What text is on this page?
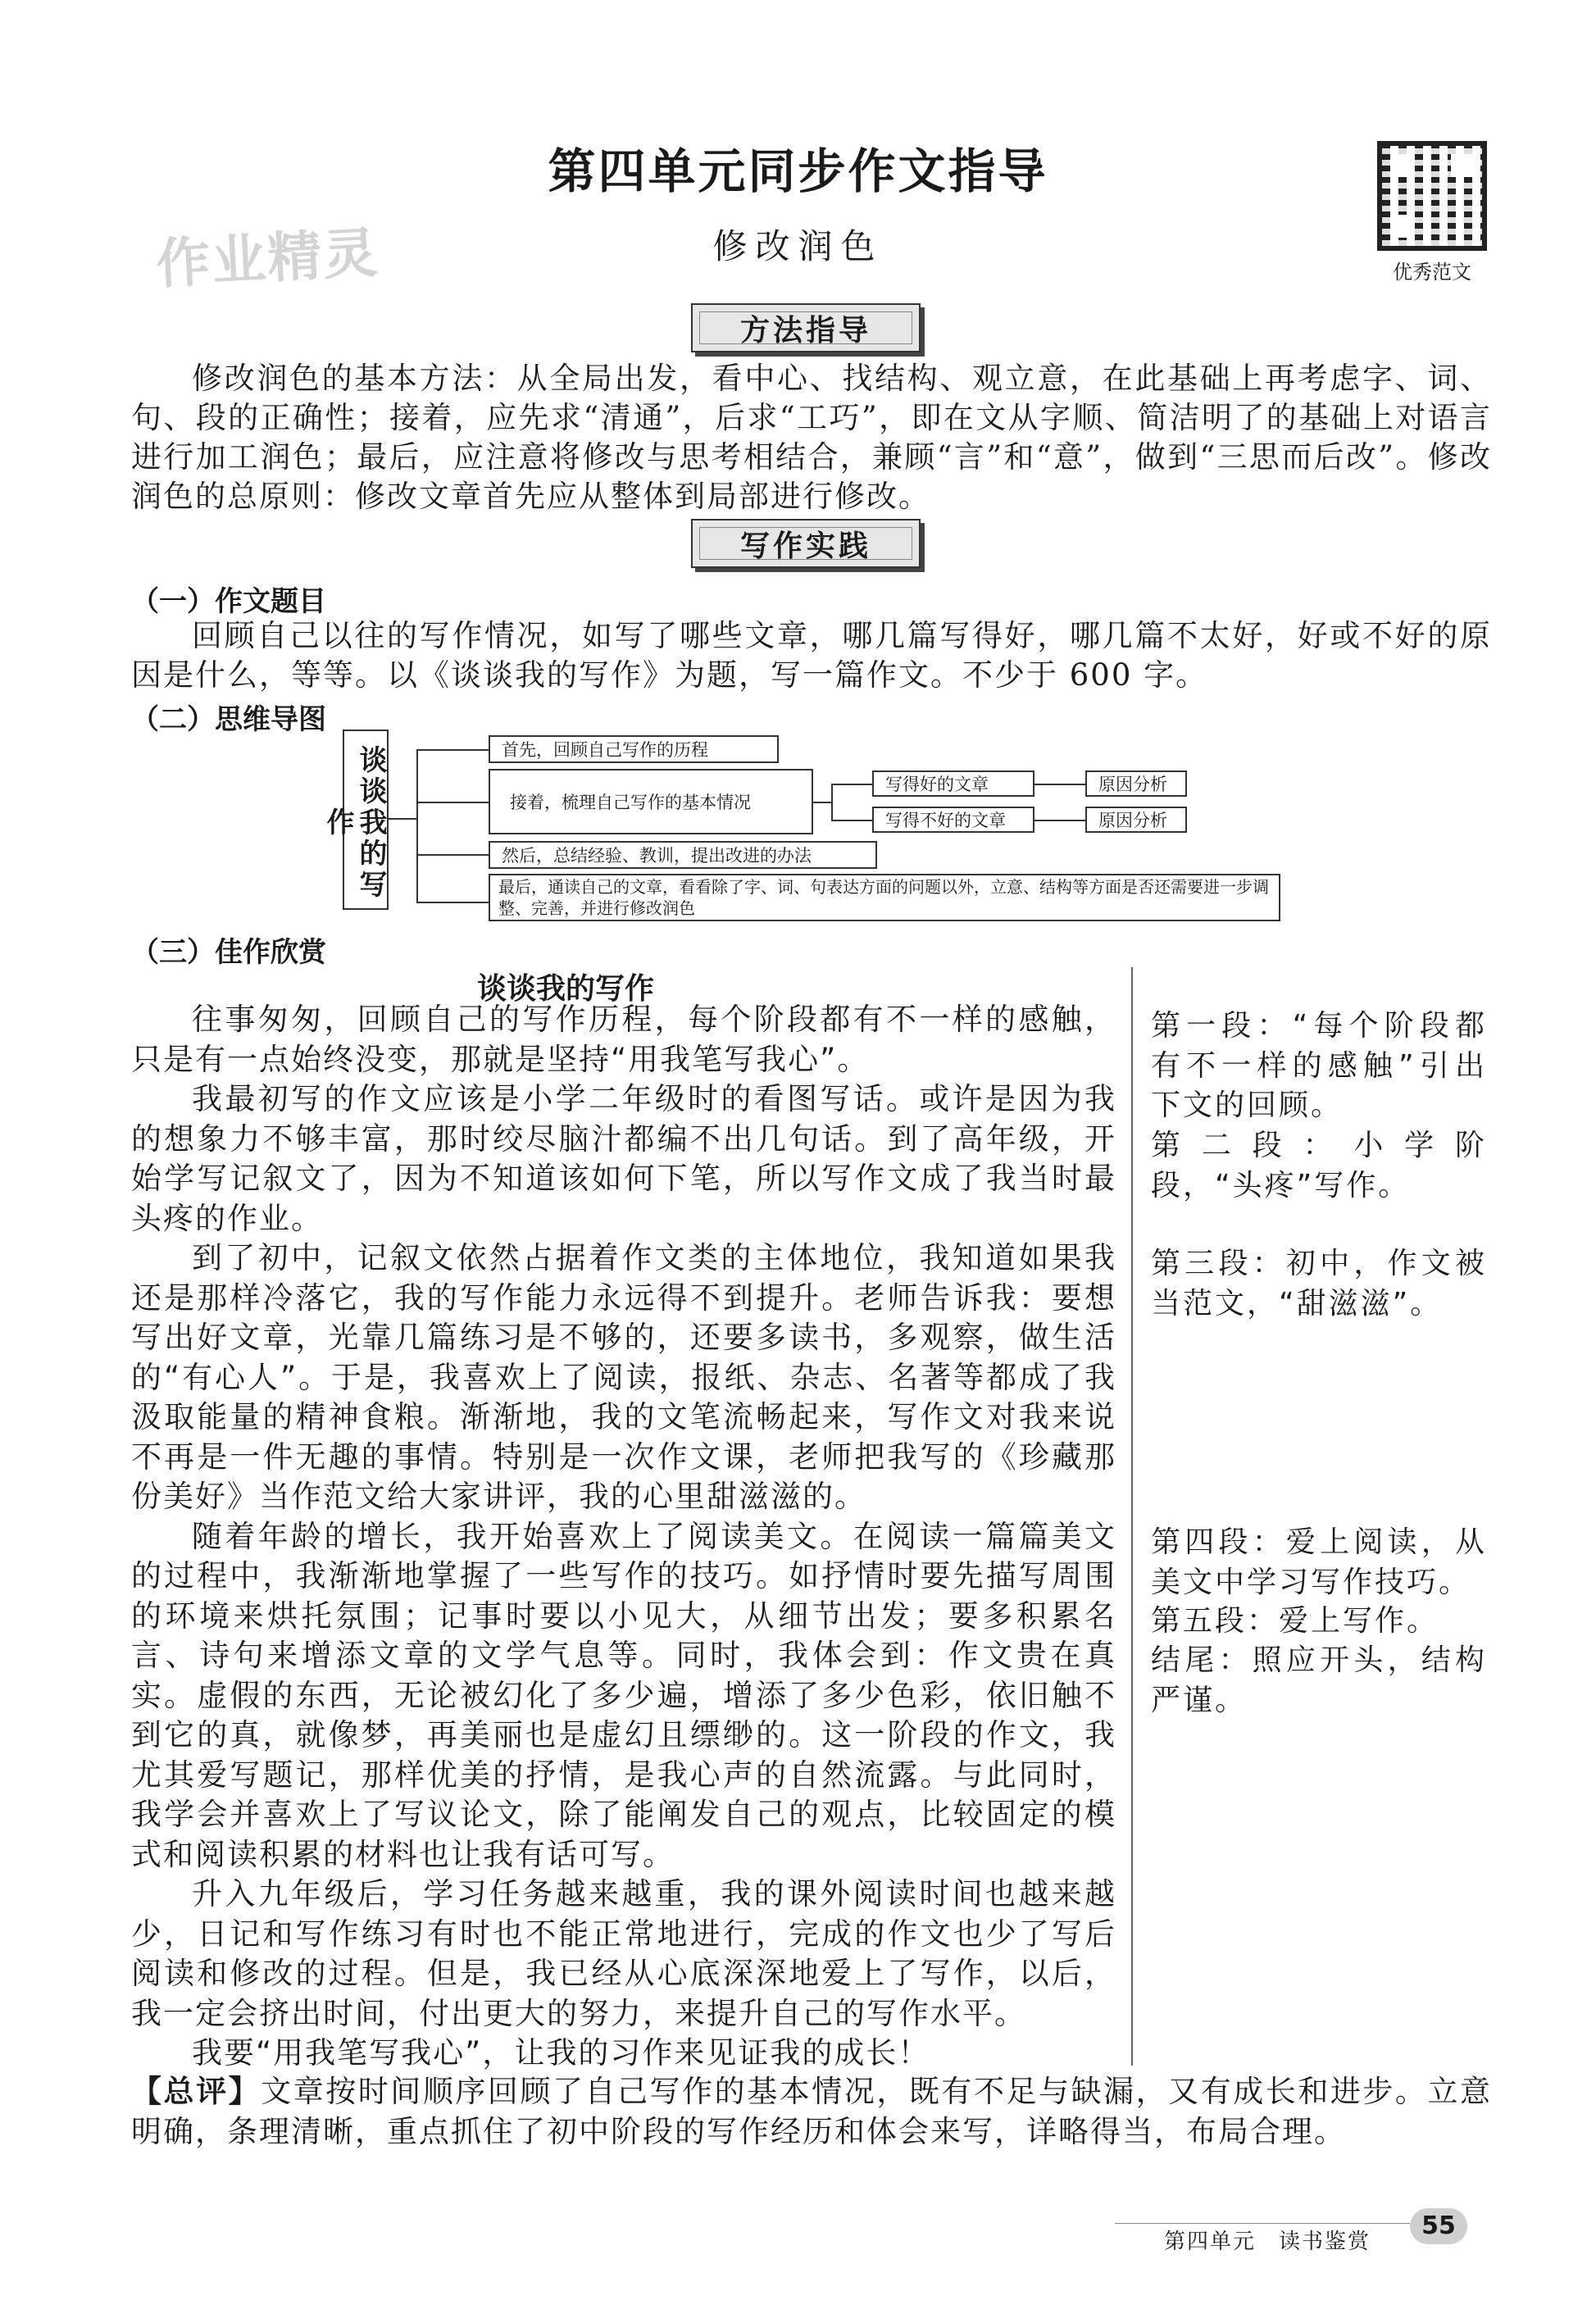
作业精灵
第四单元同步作文指导
修改润色
优秀范文
方法指导
修改润色的基本方法：从全局出发，看中心、找结构、观立意，在此基础上再考虑字、词、句、段的正确性；接着，应先求“清通”，后求“工巧”，即在文从字顺、简洁明了的基础上对语言进行加工润色；最后，应注意将修改与思考相结合，兼顾“言”和“意”，做到“三思而后改”。修改润色的总原则：修改文章首先应从整体到局部进行修改。
写作实践
（一）作文题目
回顾自己以往的写作情况，如写了哪些文章，哪几篇写得好，哪几篇不太好，好或不好的原因是什么，等等。以《谈谈我的写作》为题，写一篇作文。不少于 600 字。
（二）思维导图
谈谈我的写作
首先，回顾自己写作的历程
接着，梳理自己写作的基本情况
写得好的文章
写得不好的文章
原因分析
原因分析
然后，总结经验、教训，提出改进的办法
最后，通读自己的文章，看看除了字、词、句表达方面的问题以外，立意、结构等方面是否还需要进一步调整、完善，并进行修改润色
（三）佳作欣赏
谈谈我的写作

往事匆匆，回顾自己的写作历程，每个阶段都有不一样的感触，只是有一点始终没变，那就是坚持“用我笔写我心”。

我最初写的作文应该是小学二年级时的看图写话。或许是因为我的想象力不够丰富，那时绞尽脑汁都编不出几句话。到了高年级，开始学写记叙文了，因为不知道该如何下笔，所以写作文成了我当时最头疼的作业。

到了初中，记叙文依然占据着作文类的主体地位，我知道如果我还是那样冷落它，我的写作能力永远得不到提升。老师告诉我：要想写出好文章，光靠几篇练习是不够的，还要多读书，多观察，做生活的“有心人”。于是，我喜欢上了阅读，报纸、杂志、名著等都成了我汲取能量的精神食粮。渐渐地，我的文笔流畅起来，写作文对我来说不再是一件无趣的事情。特别是一次作文课，老师把我写的《珍藏那份美好》当作范文给大家讲评，我的心里甜滋滋的。

随着年龄的增长，我开始喜欢上了阅读美文。在阅读一篇篇美文的过程中，我渐渐地掌握了一些写作的技巧。如抒情时要先描写周围的环境来烘托氛围；记事时要以小见大，从细节出发；要多积累名言、诗句来增添文章的文学气息等。同时，我体会到：作文贵在真实。虚假的东西，无论被幻化了多少遍，增添了多少色彩，依旧触不到它的真，就像梦，再美丽也是虚幻且缥缈的。这一阶段的作文，我尤其爱写题记，那样优美的抒情，是我心声的自然流露。与此同时，我学会并喜欢上了写议论文，除了能阐发自己的观点，比较固定的模式和阅读积累的材料也让我有话可写。

升入九年级后，学习任务越来越重，我的课外阅读时间也越来越少，日记和写作练习有时也不能正常地进行，完成的作文也少了写后阅读和修改的过程。但是，我已经从心底深深地爱上了写作，以后，我一定会挤出时间，付出更大的努力，来提升自己的写作水平。

我要“用我笔写我心”，让我的习作来见证我的成长！

第一段：“每个阶段都有不一样的感触”引出下文的回顾。
第二段：小学阶段，“头疼”写作。
第三段：初中，作文被当范文，“甜滋滋”。
第四段：爱上阅读，从美文中学习写作技巧。
第五段：爱上写作。
结尾：照应开头，结构严谨。
【总评】文章按时间顺序回顾了自己写作的基本情况，既有不足与缺漏，又有成长和进步。立意明确，条理清晰，重点抓住了初中阶段的写作经历和体会来写，详略得当，布局合理。
第四单元　读书鉴赏
55
